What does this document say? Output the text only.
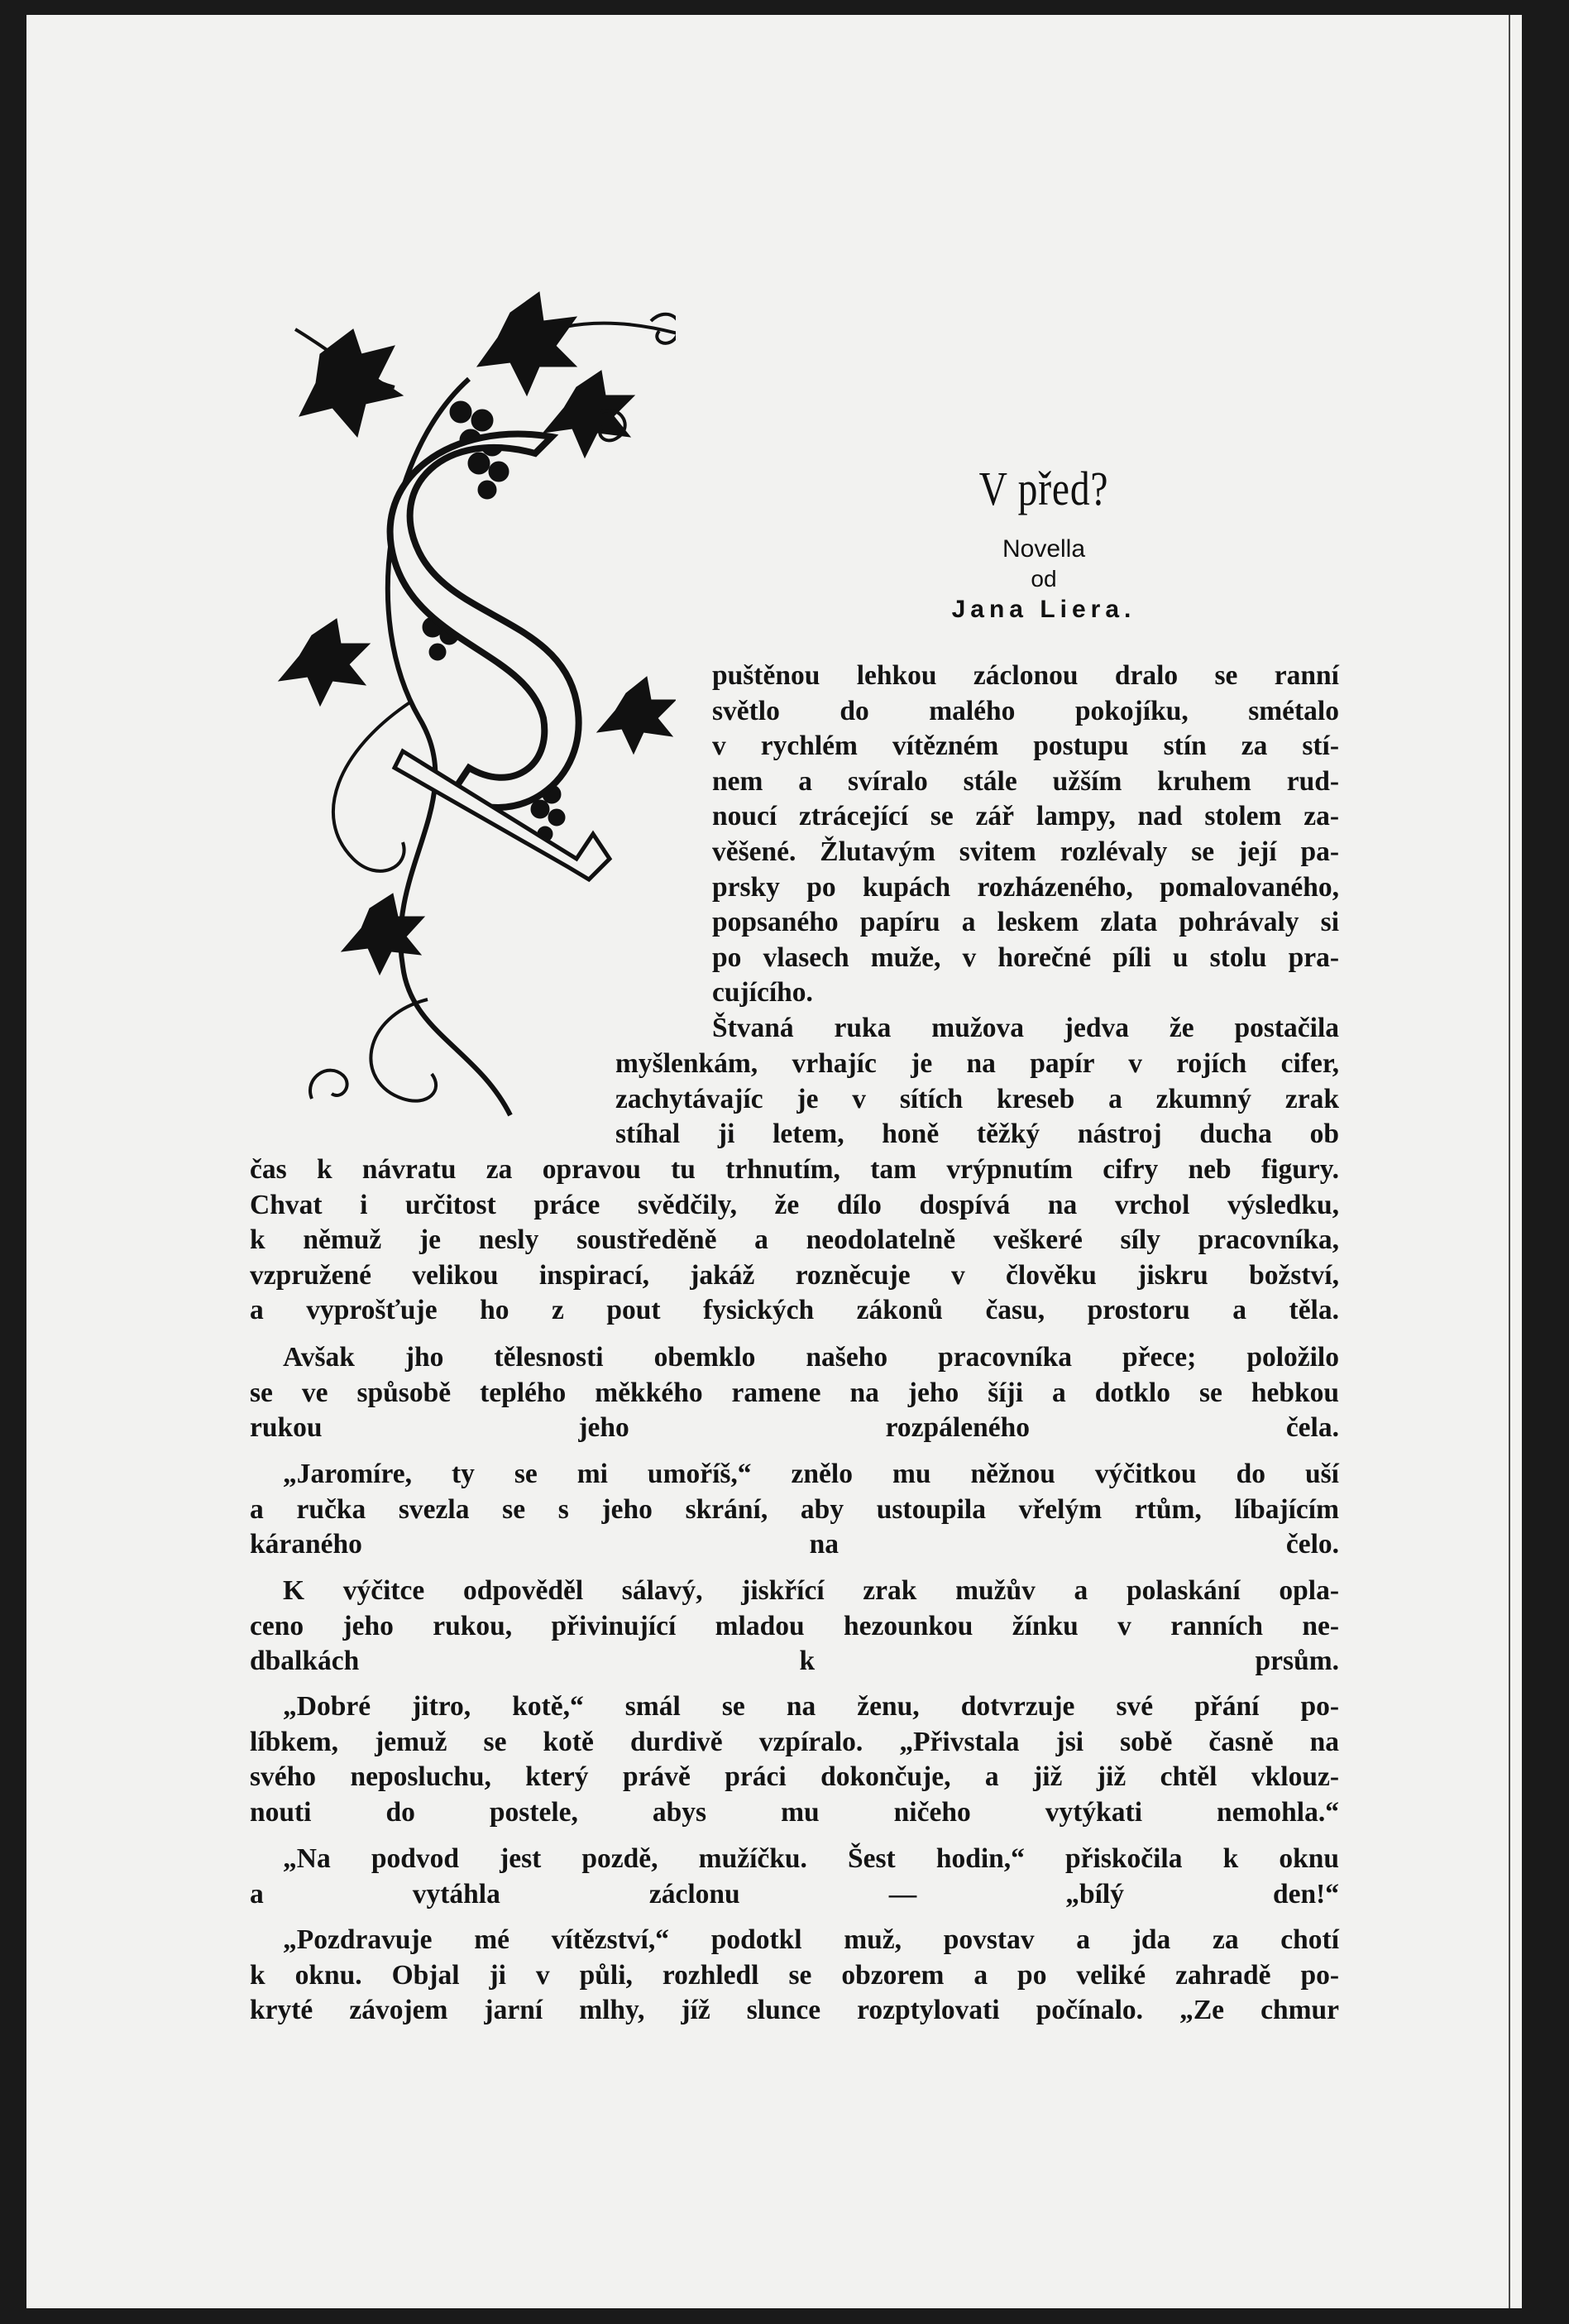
V před?
Novella
od
Jana Liera.
puštěnou lehkou záclonou dralo se ranní
světlo do malého pokojíku, smétalo
v rychlém vítězném postupu stín za stí-
nem a svíralo stále užším kruhem rud-
noucí ztrácející se zář lampy, nad stolem za-
věšené. Žlutavým svitem rozlévaly se její pa-
prsky po kupách rozházeného, pomalovaného,
popsaného papíru a leskem zlata pohrávaly si
po vlasech muže, v horečné píli u stolu pra-
cujícího.
Štvaná ruka mužova jedva že postačila
myšlenkám, vrhajíc je na papír v rojích cifer,
zachytávajíc je v sítích kreseb a zkumný zrak
stíhal ji letem, honě těžký nástroj ducha ob
čas k návratu za opravou tu trhnutím, tam vrýpnutím cifry neb figury.
Chvat i určitost práce svědčily, že dílo dospívá na vrchol výsledku,
k němuž je nesly soustředěně a neodolatelně veškeré síly pracovníka,
vzpružené velikou inspirací, jakáž rozněcuje v člověku jiskru božství,
a vyprošťuje ho z pout fysických zákonů času, prostoru a těla.
Avšak jho tělesnosti obemklo našeho pracovníka přece; položilo
se ve spůsobě teplého měkkého ramene na jeho šíji a dotklo se hebkou
rukou jeho rozpáleného čela.
„Jaromíre, ty se mi umoříš,“ znělo mu něžnou výčitkou do uší
a ručka svezla se s jeho skrání, aby ustoupila vřelým rtům, líbajícím
káraného na čelo.
K výčitce odpověděl sálavý, jiskřící zrak mužův a polaskání opla-
ceno jeho rukou, přivinující mladou hezounkou žínku v ranních ne-
dbalkách k prsům.
„Dobré jitro, kotě,“ smál se na ženu, dotvrzuje své přání po-
líbkem, jemuž se kotě durdivě vzpíralo. „Přivstala jsi sobě časně na
svého neposluchu, který právě práci dokončuje, a již již chtěl vklouz-
nouti do postele, abys mu ničeho vytýkati nemohla.“
„Na podvod jest pozdě, mužíčku. Šest hodin,“ přiskočila k oknu
a vytáhla záclonu — „bílý den!“
„Pozdravuje mé vítězství,“ podotkl muž, povstav a jda za chotí
k oknu. Objal ji v půli, rozhledl se obzorem a po veliké zahradě po-
kryté závojem jarní mlhy, jíž slunce rozptylovati počínalo. „Ze chmur
